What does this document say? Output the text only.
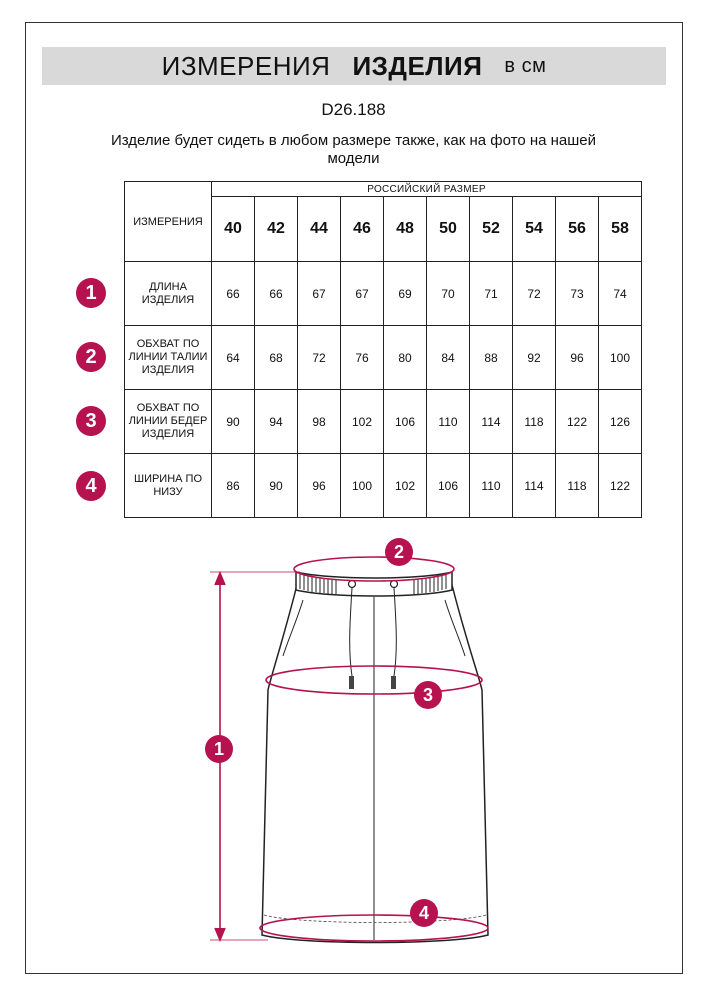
ИЗМЕРЕНИЯ ИЗДЕЛИЯ в см
D26.188
Изделие будет сидеть в любом размере также, как на фото на нашей модели
ИЗМЕРЕНИЯ	РОССИЙСКИЙ РАЗМЕР									
	40	42	44	46	48	50	52	54	56	58
ДЛИНА ИЗДЕЛИЯ	66	66	67	67	69	70	71	72	73	74
ОБХВАТ ПО ЛИНИИ ТАЛИИ ИЗДЕЛИЯ	64	68	72	76	80	84	88	92	96	100
ОБХВАТ ПО ЛИНИИ БЕДЕР ИЗДЕЛИЯ	90	94	98	102	106	110	114	118	122	126
ШИРИНА ПО НИЗУ	86	90	96	100	102	106	110	114	118	122
1
2
3
4
1
2
3
4
